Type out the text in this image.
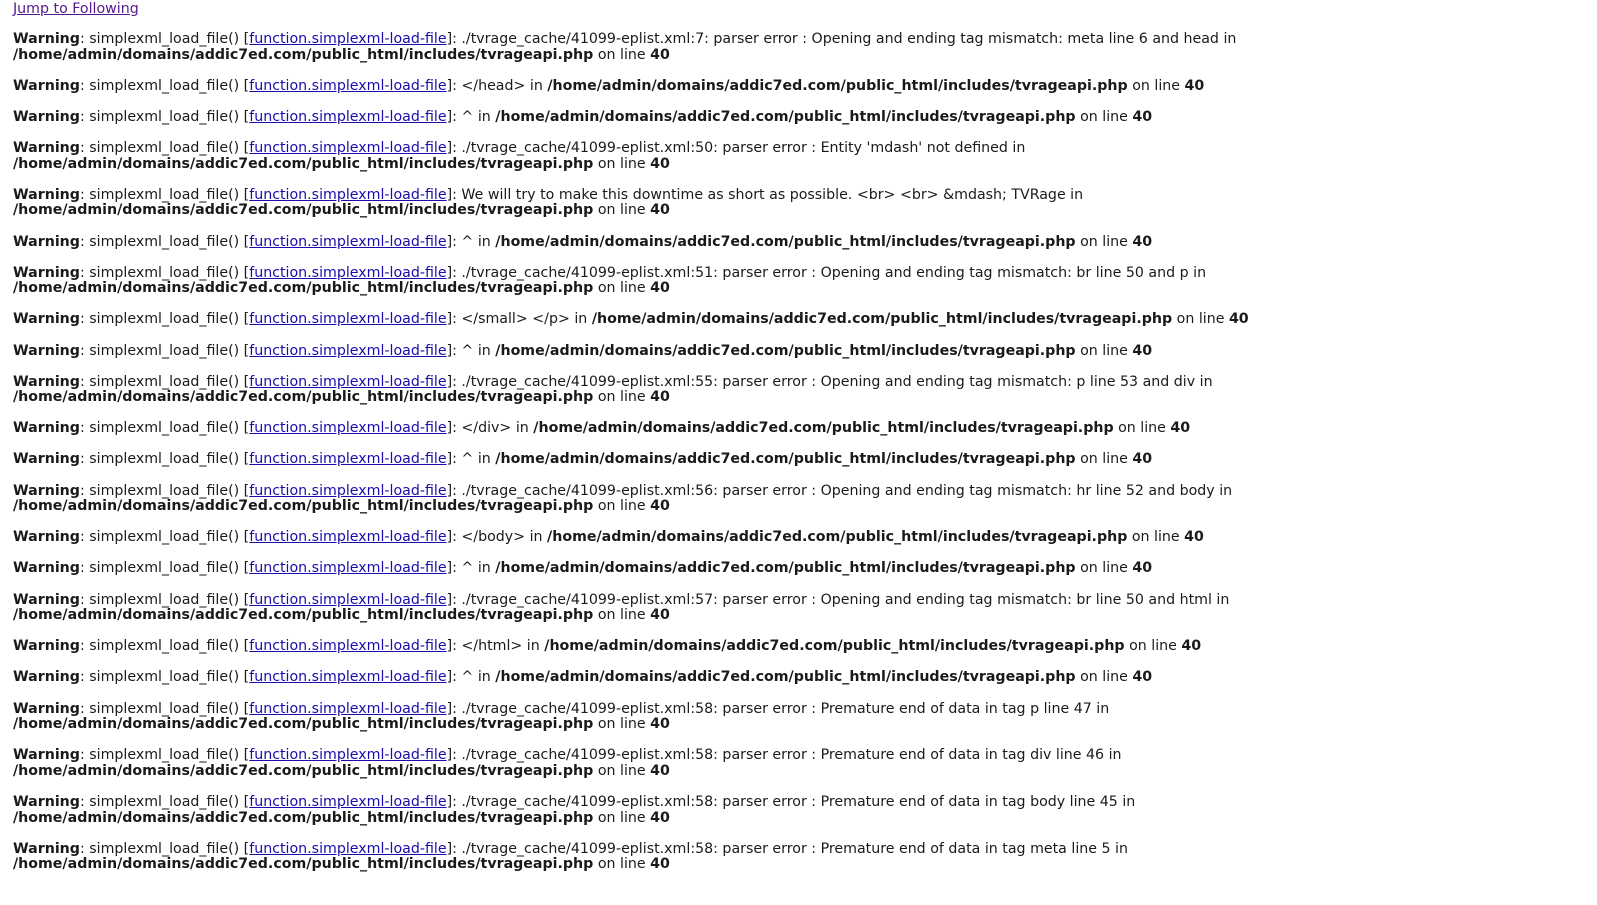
Jump to Following
Warning: simplexml_load_file() [function.simplexml-load-file]: ./tvrage_cache/41099-eplist.xml:7: parser error : Opening and ending tag mismatch: meta line 6 and head in
/home/admin/domains/addic7ed.com/public_html/includes/tvrageapi.php on line 40
Warning: simplexml_load_file() [function.simplexml-load-file]: </head> in /home/admin/domains/addic7ed.com/public_html/includes/tvrageapi.php on line 40
Warning: simplexml_load_file() [function.simplexml-load-file]: ^ in /home/admin/domains/addic7ed.com/public_html/includes/tvrageapi.php on line 40
Warning: simplexml_load_file() [function.simplexml-load-file]: ./tvrage_cache/41099-eplist.xml:50: parser error : Entity 'mdash' not defined in
/home/admin/domains/addic7ed.com/public_html/includes/tvrageapi.php on line 40
Warning: simplexml_load_file() [function.simplexml-load-file]: We will try to make this downtime as short as possible. <br> <br> &mdash; TVRage in
/home/admin/domains/addic7ed.com/public_html/includes/tvrageapi.php on line 40
Warning: simplexml_load_file() [function.simplexml-load-file]: ^ in /home/admin/domains/addic7ed.com/public_html/includes/tvrageapi.php on line 40
Warning: simplexml_load_file() [function.simplexml-load-file]: ./tvrage_cache/41099-eplist.xml:51: parser error : Opening and ending tag mismatch: br line 50 and p in
/home/admin/domains/addic7ed.com/public_html/includes/tvrageapi.php on line 40
Warning: simplexml_load_file() [function.simplexml-load-file]: </small> </p> in /home/admin/domains/addic7ed.com/public_html/includes/tvrageapi.php on line 40
Warning: simplexml_load_file() [function.simplexml-load-file]: ^ in /home/admin/domains/addic7ed.com/public_html/includes/tvrageapi.php on line 40
Warning: simplexml_load_file() [function.simplexml-load-file]: ./tvrage_cache/41099-eplist.xml:55: parser error : Opening and ending tag mismatch: p line 53 and div in
/home/admin/domains/addic7ed.com/public_html/includes/tvrageapi.php on line 40
Warning: simplexml_load_file() [function.simplexml-load-file]: </div> in /home/admin/domains/addic7ed.com/public_html/includes/tvrageapi.php on line 40
Warning: simplexml_load_file() [function.simplexml-load-file]: ^ in /home/admin/domains/addic7ed.com/public_html/includes/tvrageapi.php on line 40
Warning: simplexml_load_file() [function.simplexml-load-file]: ./tvrage_cache/41099-eplist.xml:56: parser error : Opening and ending tag mismatch: hr line 52 and body in
/home/admin/domains/addic7ed.com/public_html/includes/tvrageapi.php on line 40
Warning: simplexml_load_file() [function.simplexml-load-file]: </body> in /home/admin/domains/addic7ed.com/public_html/includes/tvrageapi.php on line 40
Warning: simplexml_load_file() [function.simplexml-load-file]: ^ in /home/admin/domains/addic7ed.com/public_html/includes/tvrageapi.php on line 40
Warning: simplexml_load_file() [function.simplexml-load-file]: ./tvrage_cache/41099-eplist.xml:57: parser error : Opening and ending tag mismatch: br line 50 and html in
/home/admin/domains/addic7ed.com/public_html/includes/tvrageapi.php on line 40
Warning: simplexml_load_file() [function.simplexml-load-file]: </html> in /home/admin/domains/addic7ed.com/public_html/includes/tvrageapi.php on line 40
Warning: simplexml_load_file() [function.simplexml-load-file]: ^ in /home/admin/domains/addic7ed.com/public_html/includes/tvrageapi.php on line 40
Warning: simplexml_load_file() [function.simplexml-load-file]: ./tvrage_cache/41099-eplist.xml:58: parser error : Premature end of data in tag p line 47 in
/home/admin/domains/addic7ed.com/public_html/includes/tvrageapi.php on line 40
Warning: simplexml_load_file() [function.simplexml-load-file]: ./tvrage_cache/41099-eplist.xml:58: parser error : Premature end of data in tag div line 46 in
/home/admin/domains/addic7ed.com/public_html/includes/tvrageapi.php on line 40
Warning: simplexml_load_file() [function.simplexml-load-file]: ./tvrage_cache/41099-eplist.xml:58: parser error : Premature end of data in tag body line 45 in
/home/admin/domains/addic7ed.com/public_html/includes/tvrageapi.php on line 40
Warning: simplexml_load_file() [function.simplexml-load-file]: ./tvrage_cache/41099-eplist.xml:58: parser error : Premature end of data in tag meta line 5 in
/home/admin/domains/addic7ed.com/public_html/includes/tvrageapi.php on line 40
